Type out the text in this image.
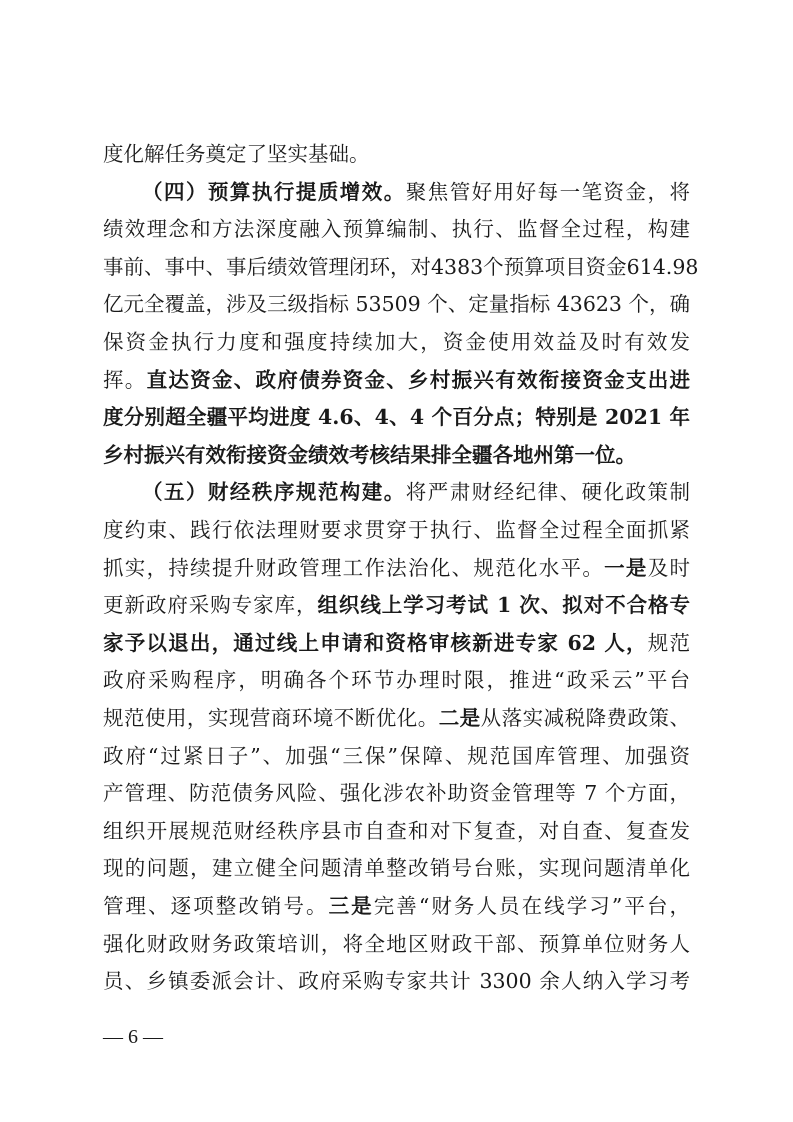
度化解任务奠定了坚实基础。
（四）预算执行提质增效。聚焦管好用好每一笔资金，将
绩效理念和方法深度融入预算编制、执行、监督全过程，构建
事前、事中、事后绩效管理闭环，对4383个预算项目资金614.98
亿元全覆盖，涉及三级指标 53509 个、定量指标 43623 个，确
保资金执行力度和强度持续加大，资金使用效益及时有效发
挥。直达资金、政府债券资金、乡村振兴有效衔接资金支出进
度分别超全疆平均进度 4.6、4、4 个百分点；特别是 2021 年
乡村振兴有效衔接资金绩效考核结果排全疆各地州第一位。
（五）财经秩序规范构建。将严肃财经纪律、硬化政策制
度约束、践行依法理财要求贯穿于执行、监督全过程全面抓紧
抓实，持续提升财政管理工作法治化、规范化水平。一是及时
更新政府采购专家库，组织线上学习考试 1 次、拟对不合格专
家予以退出，通过线上申请和资格审核新进专家 62 人，规范
政府采购程序，明确各个环节办理时限，推进“政采云”平台
规范使用，实现营商环境不断优化。二是从落实减税降费政策、
政府“过紧日子”、加强“三保”保障、规范国库管理、加强资
产管理、防范债务风险、强化涉农补助资金管理等 7 个方面，
组织开展规范财经秩序县市自查和对下复查，对自查、复查发
现的问题，建立健全问题清单整改销号台账，实现问题清单化
管理、逐项整改销号。三是完善“财务人员在线学习”平台，
强化财政财务政策培训，将全地区财政干部、预算单位财务人
员、乡镇委派会计、政府采购专家共计 3300 余人纳入学习考
— 6 —
